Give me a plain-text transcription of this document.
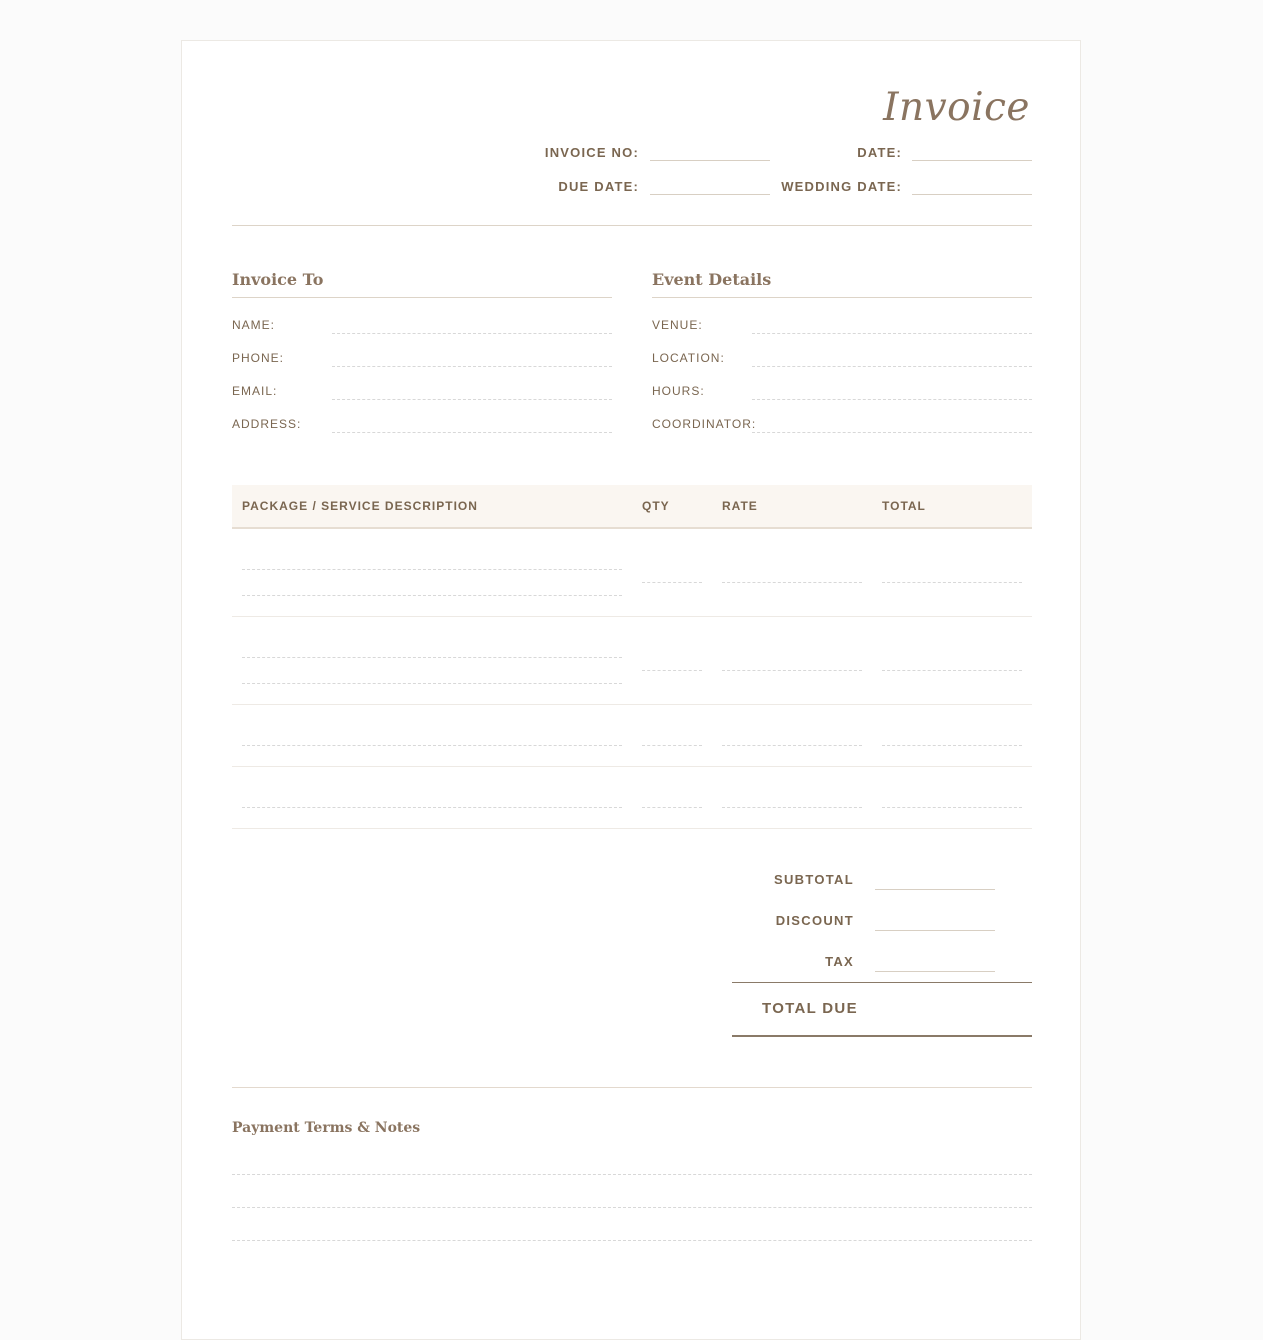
Invoice
INVOICE NO:	DATE:
DUE DATE:	WEDDING DATE:
Invoice To
NAME:
PHONE:
EMAIL:
ADDRESS:
Event Details
VENUE:
LOCATION:
HOURS:
COORDINATOR:
PACKAGE / SERVICE DESCRIPTION	QTY	RATE	TOTAL
SUBTOTAL
DISCOUNT
TAX
TOTAL DUE
Payment Terms & Notes
